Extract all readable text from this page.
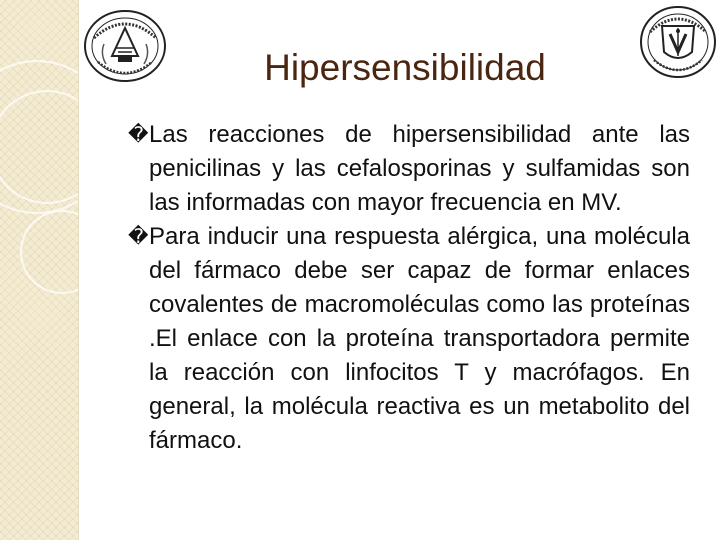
Hipersensibilidad

� Las reacciones de hipersensibilidad ante las penicilinas y las cefalosporinas y sulfamidas son las informadas con mayor frecuencia en MV.

� Para inducir una respuesta alérgica, una molécula del fármaco debe ser capaz de formar enlaces covalentes de macromoléculas como las proteínas .El enlace con la proteína transportadora permite la reacción con linfocitos T y macrófagos. En general, la molécula reactiva es un metabolito del fármaco.
